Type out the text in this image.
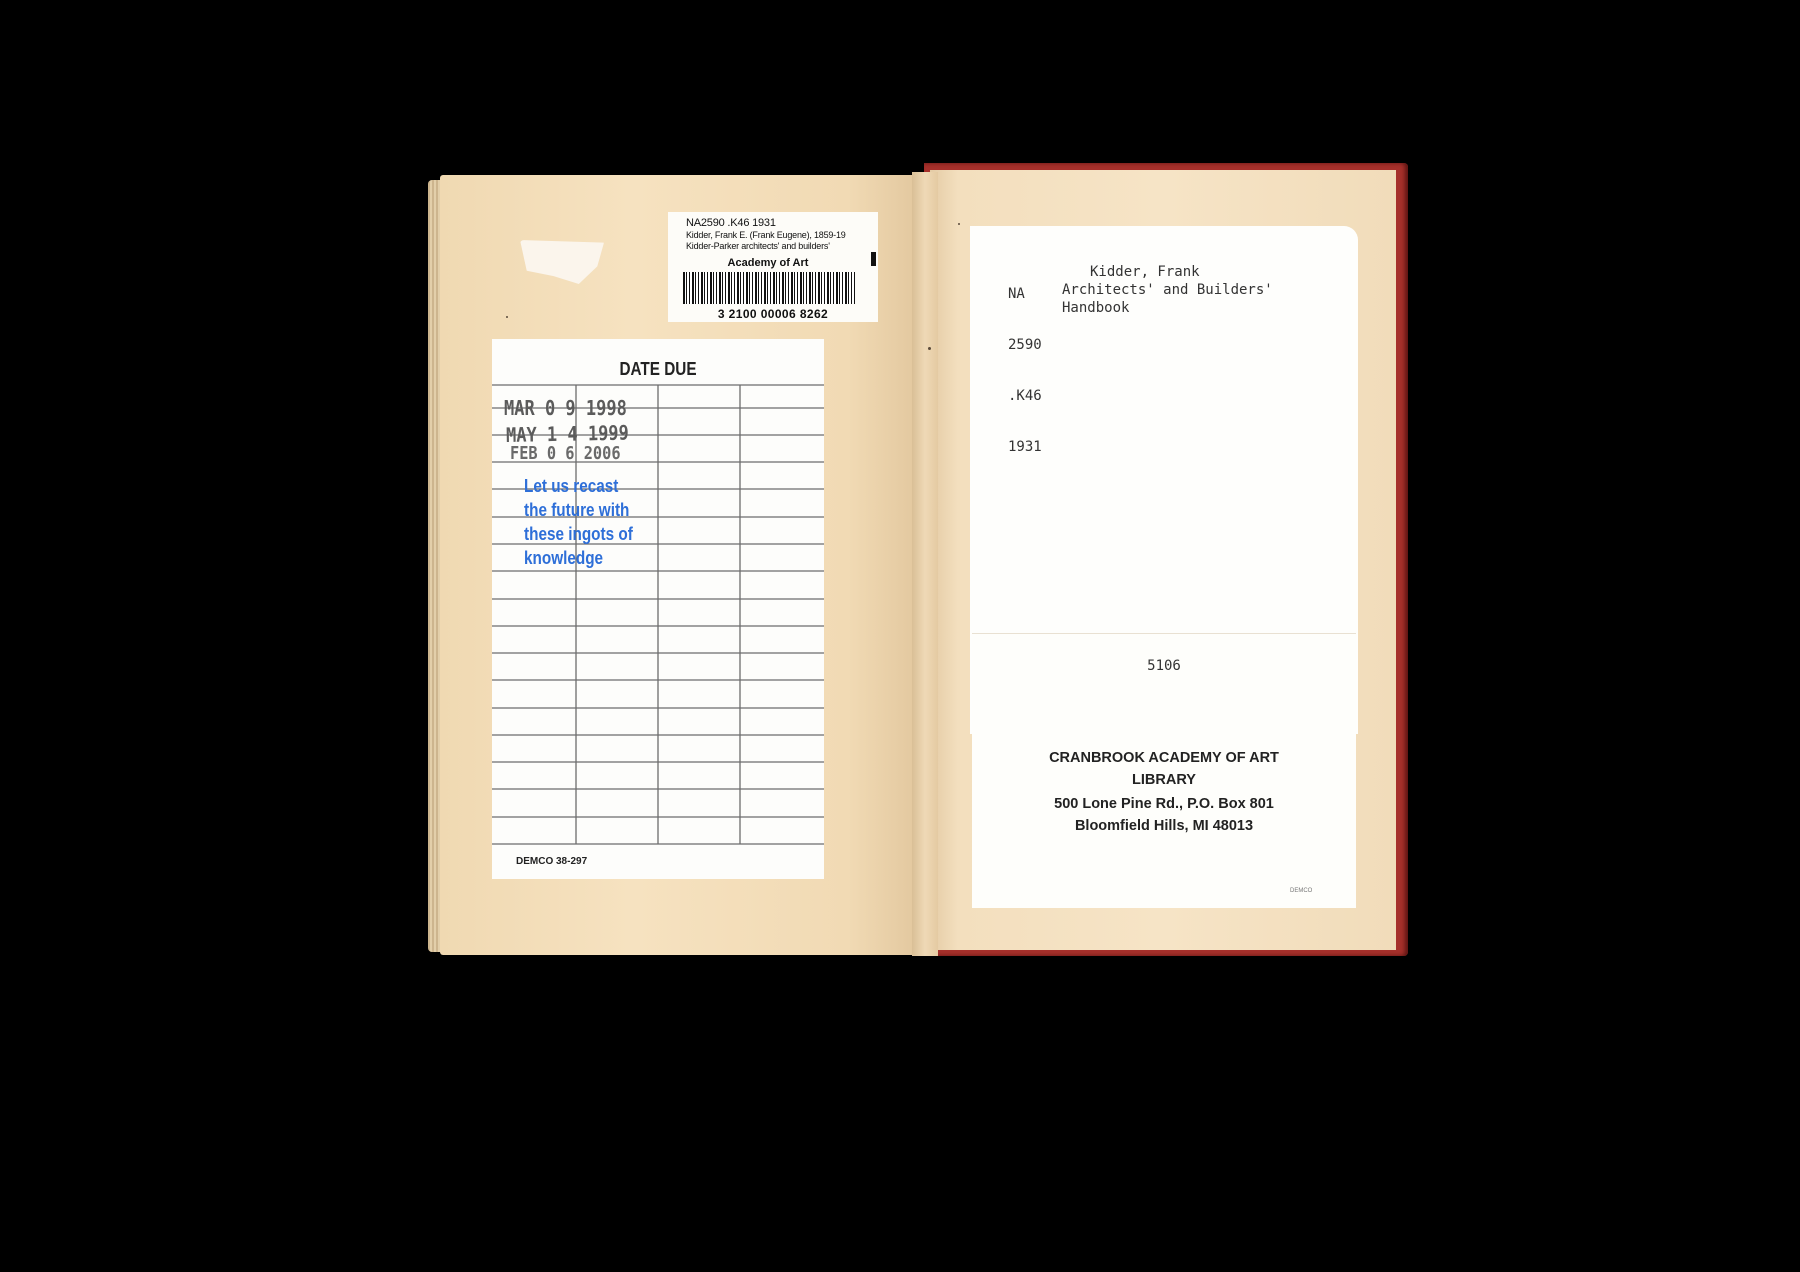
NA2590 .K46 1931
Kidder, Frank E. (Frank Eugene), 1859-19
Kidder-Parker architects' and builders'
Academy of Art
3 2100 00006 8262
DATE DUE
MAR 0 9 1998
MAY 1 4 1999
FEB 0 6 2006
Let us recast
the future with
these ingots of
knowledge
DEMCO 38-297

NA

2590

.K46

1931

Kidder, Frank
Architects' and Builders'
Handbook
5106
CRANBROOK ACADEMY OF ART
LIBRARY
500 Lone Pine Rd., P.O. Box 801
Bloomfield Hills, MI 48013
DEMCO
